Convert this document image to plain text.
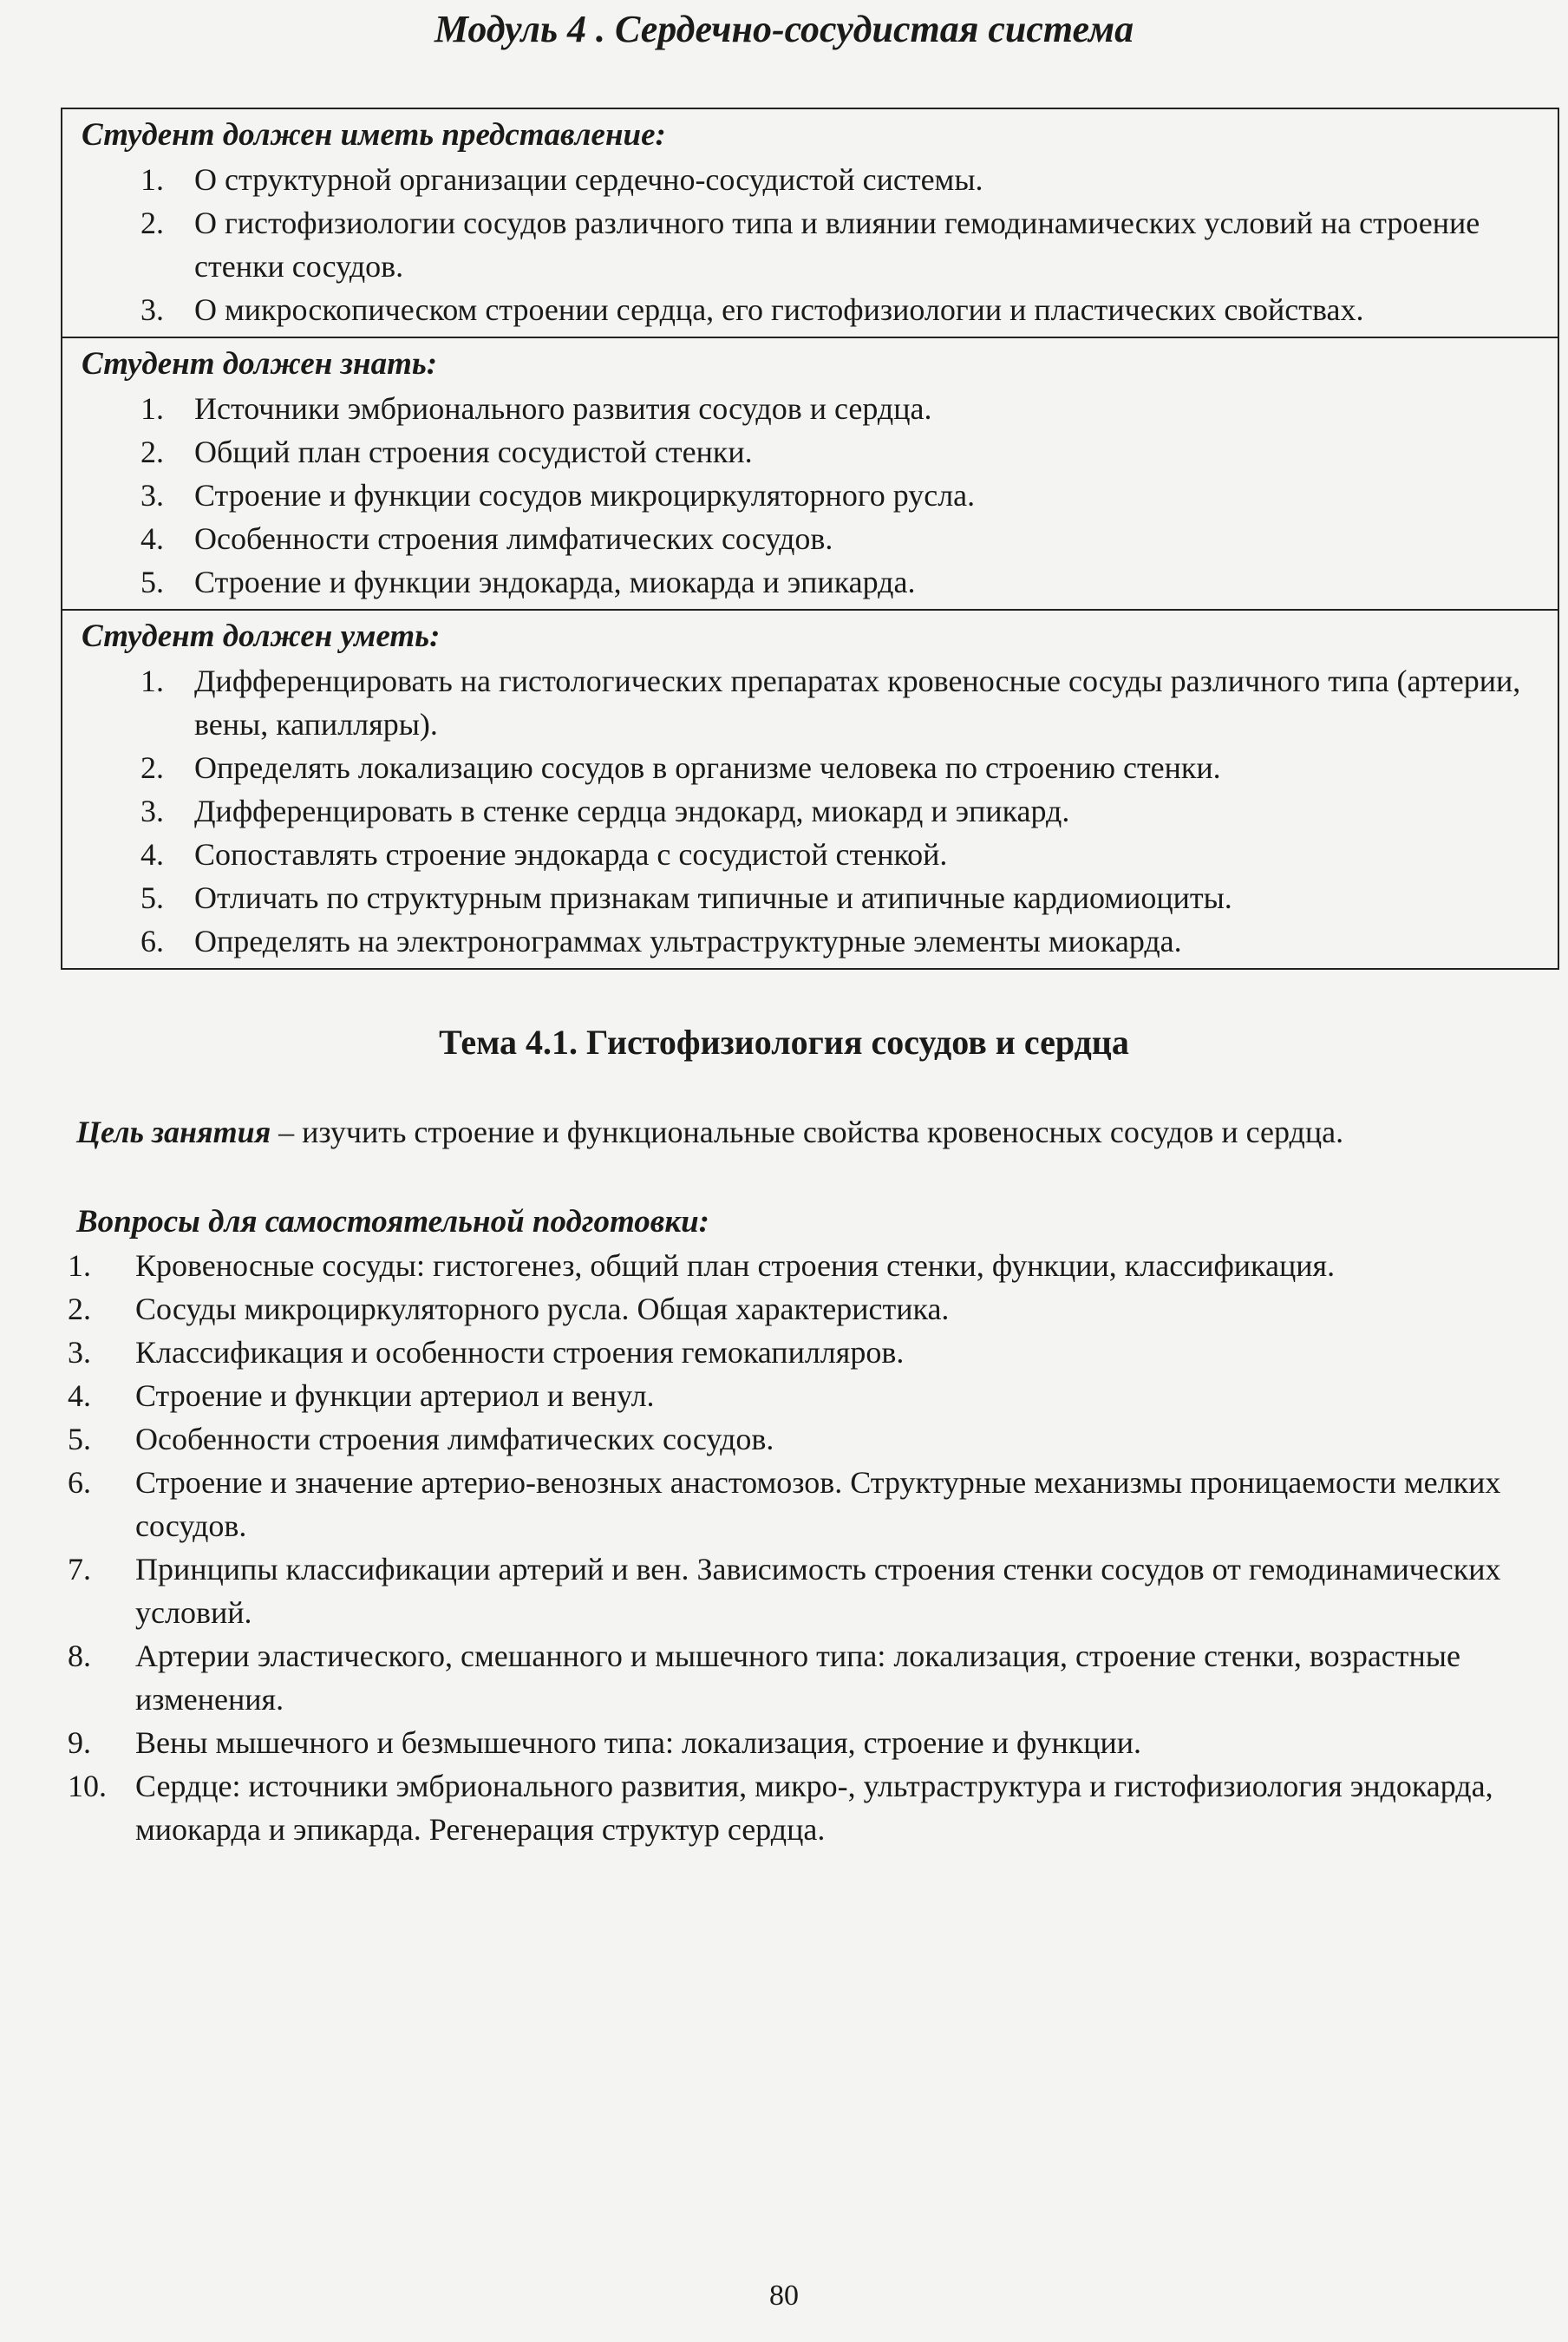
Модуль 4 . Сердечно-сосудистая система
Студент должен иметь представление:
1. О структурной организации сердечно-сосудистой системы.
2. О гистофизиологии сосудов различного типа и влиянии гемодинамических условий на строение стенки сосудов.
3. О микроскопическом строении сердца, его гистофизиологии и пластических свойствах.
Студент должен знать:
1. Источники эмбрионального развития сосудов и сердца.
2. Общий план строения сосудистой стенки.
3. Строение и функции сосудов микроциркуляторного русла.
4. Особенности строения лимфатических сосудов.
5. Строение и функции эндокарда, миокарда и эпикарда.
Студент должен уметь:
1. Дифференцировать на гистологических препаратах кровеносные сосуды различного типа (артерии, вены, капилляры).
2. Определять локализацию сосудов в организме человека по строению стенки.
3. Дифференцировать в стенке сердца эндокард, миокард и эпикард.
4. Сопоставлять строение эндокарда с сосудистой стенкой.
5. Отличать по структурным признакам типичные и атипичные кардиомиоциты.
6. Определять на электронограммах ультраструктурные элементы миокарда.
Тема 4.1. Гистофизиология сосудов и сердца
Цель занятия – изучить строение и функциональные свойства кровеносных сосудов и сердца.
Вопросы для самостоятельной подготовки:
1. Кровеносные сосуды: гистогенез, общий план строения стенки, функции, классификация.
2. Сосуды микроциркуляторного русла. Общая характеристика.
3. Классификация и особенности строения гемокапилляров.
4. Строение и функции артериол и венул.
5. Особенности строения лимфатических сосудов.
6. Строение и значение артерио-венозных анастомозов. Структурные механизмы проницаемости мелких сосудов.
7. Принципы классификации артерий и вен. Зависимость строения стенки сосудов от гемодинамических условий.
8. Артерии эластического, смешанного и мышечного типа: локализация, строение стенки, возрастные изменения.
9. Вены мышечного и безмышечного типа: локализация, строение и функции.
10. Сердце: источники эмбрионального развития, микро-, ультраструктура и гистофизиология эндокарда, миокарда и эпикарда. Регенерация структур сердца.
80
